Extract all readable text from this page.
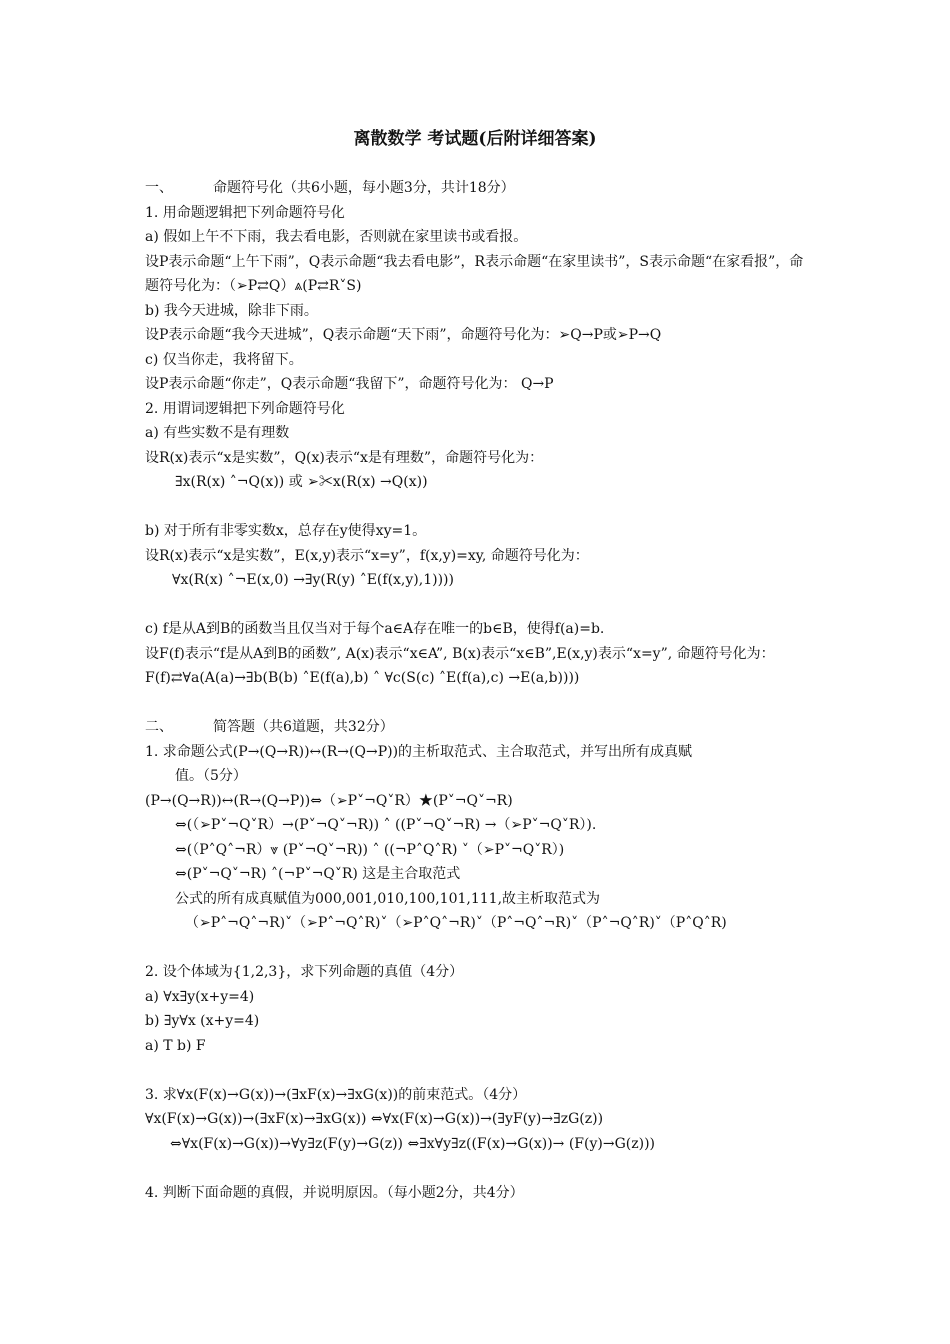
离散数学 考试题(后附详细答案)
一、	命题符号化（共6小题，每小题3分，共计18分）
1. 用命题逻辑把下列命题符号化
a) 假如上午不下雨，我去看电影，否则就在家里读书或看报。
设P表示命题“上午下雨”，Q表示命题“我去看电影”，R表示命题“在家里读书”，S表示命题“在家看报”，命题符号化为：（➢P⇄Q）⩓(P⇄R˅S)
b) 我今天进城，除非下雨。
设P表示命题“我今天进城”，Q表示命题“天下雨”，命题符号化为：➢Q→P或➢P→Q
c) 仅当你走，我将留下。
设P表示命题“你走”，Q表示命题“我留下”，命题符号化为： Q→P
2. 用谓词逻辑把下列命题符号化
a) 有些实数不是有理数
设R(x)表示“x是实数”，Q(x)表示“x是有理数”，命题符号化为：
∃x(R(x) ˄¬Q(x)) 或 ➢✂x(R(x) →Q(x))
b) 对于所有非零实数x，总存在y使得xy=1。
设R(x)表示“x是实数”，E(x,y)表示“x=y”，f(x,y)=xy, 命题符号化为：
∀x(R(x) ˄¬E(x,0) →∃y(R(y) ˄E(f(x,y),1))))
c) f是从A到B的函数当且仅当对于每个a∈A存在唯一的b∈B，使得f(a)=b.
设F(f)表示“f是从A到B的函数”, A(x)表示“x∈A”, B(x)表示“x∈B”,E(x,y)表示“x=y”, 命题符号化为：F(f)⇄∀a(A(a)→∃b(B(b) ˄E(f(a),b) ˄ ∀c(S(c) ˄E(f(a),c) →E(a,b))))
二、	简答题（共6道题，共32分）
1. 求命题公式(P→(Q→R))↔(R→(Q→P))的主析取范式、主合取范式，并写出所有成真赋
值。（5分）
(P→(Q→R))↔(R→(Q→P))⇔（➢P˅¬Q˅R）★(P˅¬Q˅¬R)
⇔(（➢P˅¬Q˅R）→(P˅¬Q˅¬R)) ˄ ((P˅¬Q˅¬R) →（➢P˅¬Q˅R）).
⇔(（P˄Q˄¬R）⩔ (P˅¬Q˅¬R)) ˄ ((¬P˄Q˄R) ˅（➢P˅¬Q˅R）)
⇔(P˅¬Q˅¬R) ˄(¬P˅¬Q˅R) 这是主合取范式
公式的所有成真赋值为000,001,010,100,101,111,故主析取范式为
（➢P˄¬Q˄¬R)˅（➢P˄¬Q˄R)˅（➢P˄Q˄¬R)˅（P˄¬Q˄¬R)˅（P˄¬Q˄R)˅（P˄Q˄R)
2. 设个体域为{1,2,3}，求下列命题的真值（4分）
a) ∀x∃y(x+y=4)
b) ∃y∀x (x+y=4)
a) T b) F
3. 求∀x(F(x)→G(x))→(∃xF(x)→∃xG(x))的前束范式。（4分）
∀x(F(x)→G(x))→(∃xF(x)→∃xG(x)) ⇔∀x(F(x)→G(x))→(∃yF(y)→∃zG(z))
⇔∀x(F(x)→G(x))→∀y∃z(F(y)→G(z)) ⇔∃x∀y∃z((F(x)→G(x))→ (F(y)→G(z)))
4. 判断下面命题的真假，并说明原因。（每小题2分，共4分）
